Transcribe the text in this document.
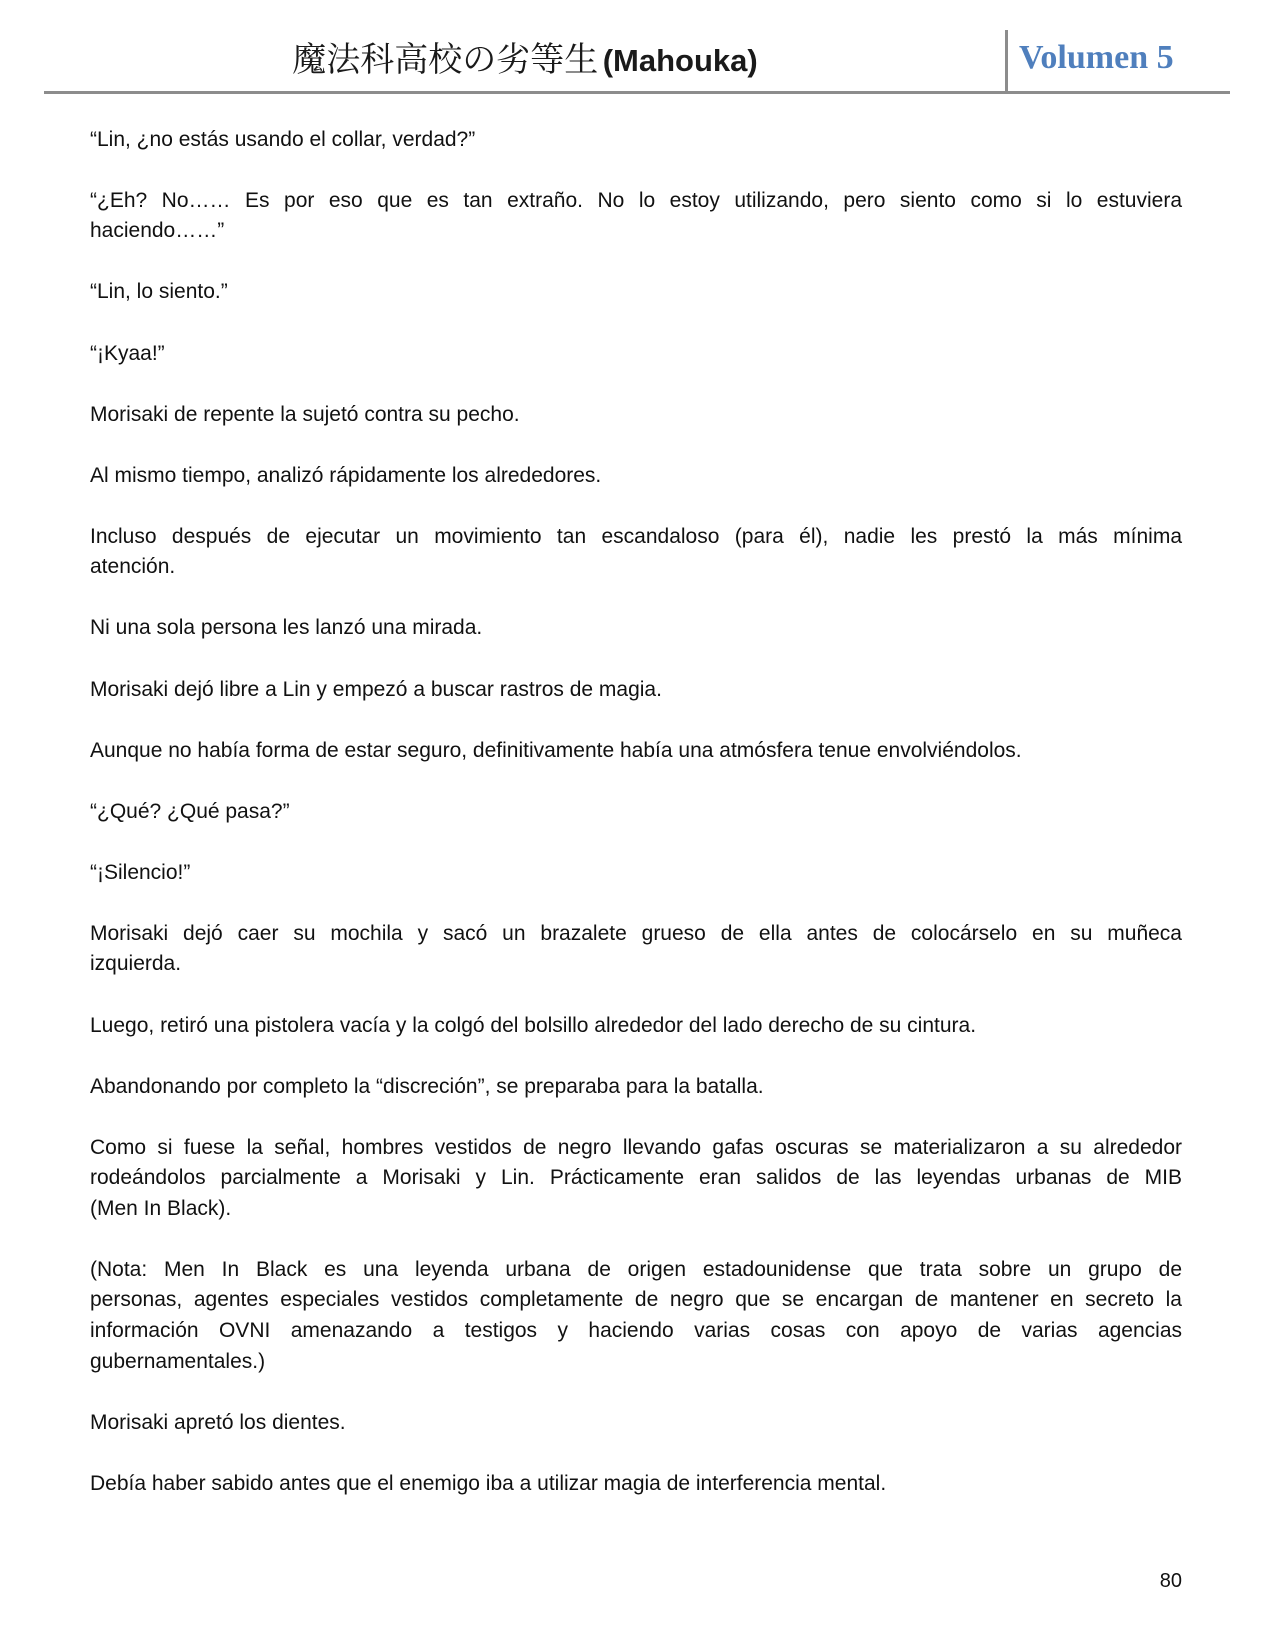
魔法科高校の劣等生 (Mahouka)	Volumen 5
“Lin, ¿no estás usando el collar, verdad?”
“¿Eh? No…… Es por eso que es tan extraño. No lo estoy utilizando, pero siento como si lo estuviera
haciendo……”
“Lin, lo siento.”
“¡Kyaa!”
Morisaki de repente la sujetó contra su pecho.
Al mismo tiempo, analizó rápidamente los alrededores.
Incluso después de ejecutar un movimiento tan escandaloso (para él), nadie les prestó la más mínima
atención.
Ni una sola persona les lanzó una mirada.
Morisaki dejó libre a Lin y empezó a buscar rastros de magia.
Aunque no había forma de estar seguro, definitivamente había una atmósfera tenue envolviéndolos.
“¿Qué? ¿Qué pasa?”
“¡Silencio!”
Morisaki dejó caer su mochila y sacó un brazalete grueso de ella antes de colocárselo en su muñeca
izquierda.
Luego, retiró una pistolera vacía y la colgó del bolsillo alrededor del lado derecho de su cintura.
Abandonando por completo la “discreción”, se preparaba para la batalla.
Como si fuese la señal, hombres vestidos de negro llevando gafas oscuras se materializaron a su alrededor
rodeándolos parcialmente a Morisaki y Lin. Prácticamente eran salidos de las leyendas urbanas de MIB
(Men In Black).
(Nota: Men In Black es una leyenda urbana de origen estadounidense que trata sobre un grupo de
personas, agentes especiales vestidos completamente de negro que se encargan de mantener en secreto la
información OVNI amenazando a testigos y haciendo varias cosas con apoyo de varias agencias
gubernamentales.)
Morisaki apretó los dientes.
Debía haber sabido antes que el enemigo iba a utilizar magia de interferencia mental.
80
